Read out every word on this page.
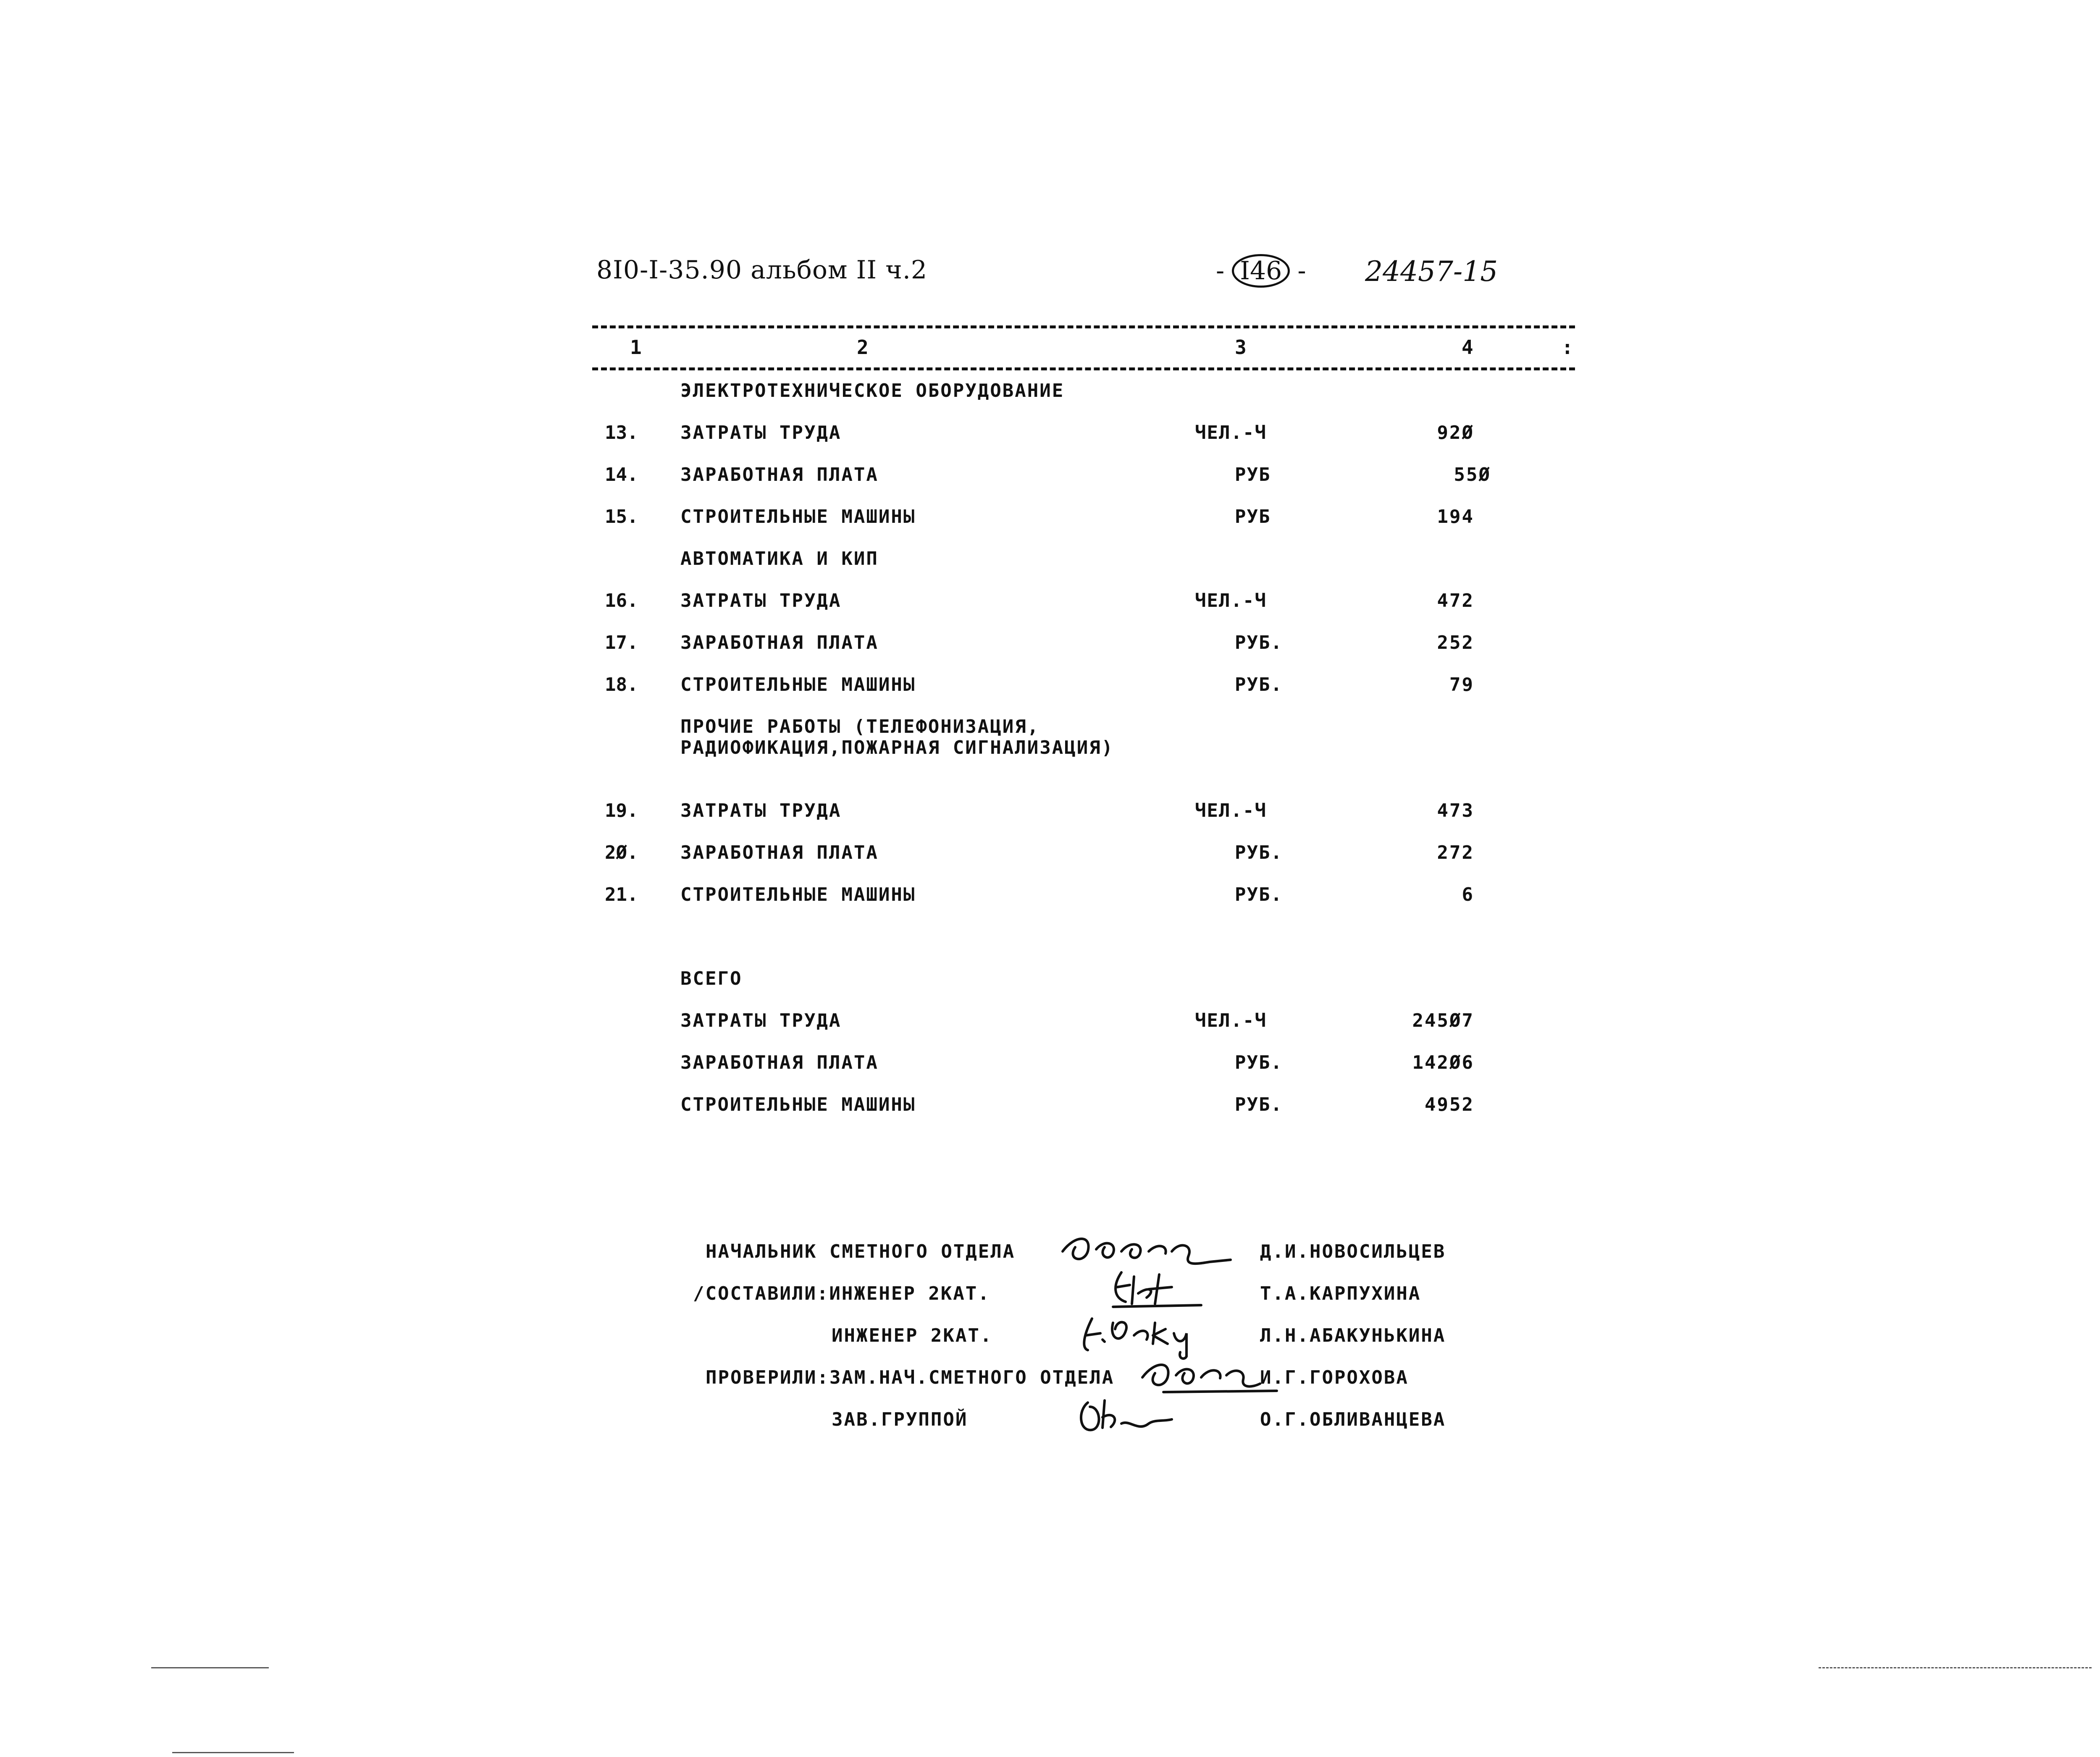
8I0-I-35.90 альбом II ч.2	- I46 - 24457-15
1	2	3	4	:
ЭЛЕКТРОТЕХНИЧЕСКОЕ ОБОРУДОВАНИЕ
13. ЗАТРАТЫ ТРУДА	ЧЕЛ.-Ч	92Ø
14. ЗАРАБОТНАЯ ПЛАТА	РУБ	55Ø
15. СТРОИТЕЛЬНЫЕ МАШИНЫ	РУБ	194
АВТОМАТИКА И КИП
16. ЗАТРАТЫ ТРУДА	ЧЕЛ.-Ч	472
17. ЗАРАБОТНАЯ ПЛАТА	РУБ.	252
18. СТРОИТЕЛЬНЫЕ МАШИНЫ	РУБ.	79
ПРОЧИЕ РАБОТЫ (ТЕЛЕФОНИЗАЦИЯ,
РАДИОФИКАЦИЯ,ПОЖАРНАЯ СИГНАЛИЗАЦИЯ)
19. ЗАТРАТЫ ТРУДА	ЧЕЛ.-Ч	473
2Ø. ЗАРАБОТНАЯ ПЛАТА	РУБ.	272
21. СТРОИТЕЛЬНЫЕ МАШИНЫ	РУБ.	6
ВСЕГО
ЗАТРАТЫ ТРУДА	ЧЕЛ.-Ч	245Ø7
ЗАРАБОТНАЯ ПЛАТА	РУБ.	142Ø6
СТРОИТЕЛЬНЫЕ МАШИНЫ	РУБ.	4952
НАЧАЛЬНИК СМЕТНОГО ОТДЕЛА	Д.И.НОВОСИЛЬЦЕВ
/СОСТАВИЛИ:ИНЖЕНЕР 2КАТ.	Т.А.КАРПУХИНА
ИНЖЕНЕР 2КАТ.	Л.Н.АБАКУНЬКИНА
ПРОВЕРИЛИ:ЗАМ.НАЧ.СМЕТНОГО ОТДЕЛА	И.Г.ГОРОХОВА
ЗАВ.ГРУППОЙ	О.Г.ОБЛИВАНЦЕВА
